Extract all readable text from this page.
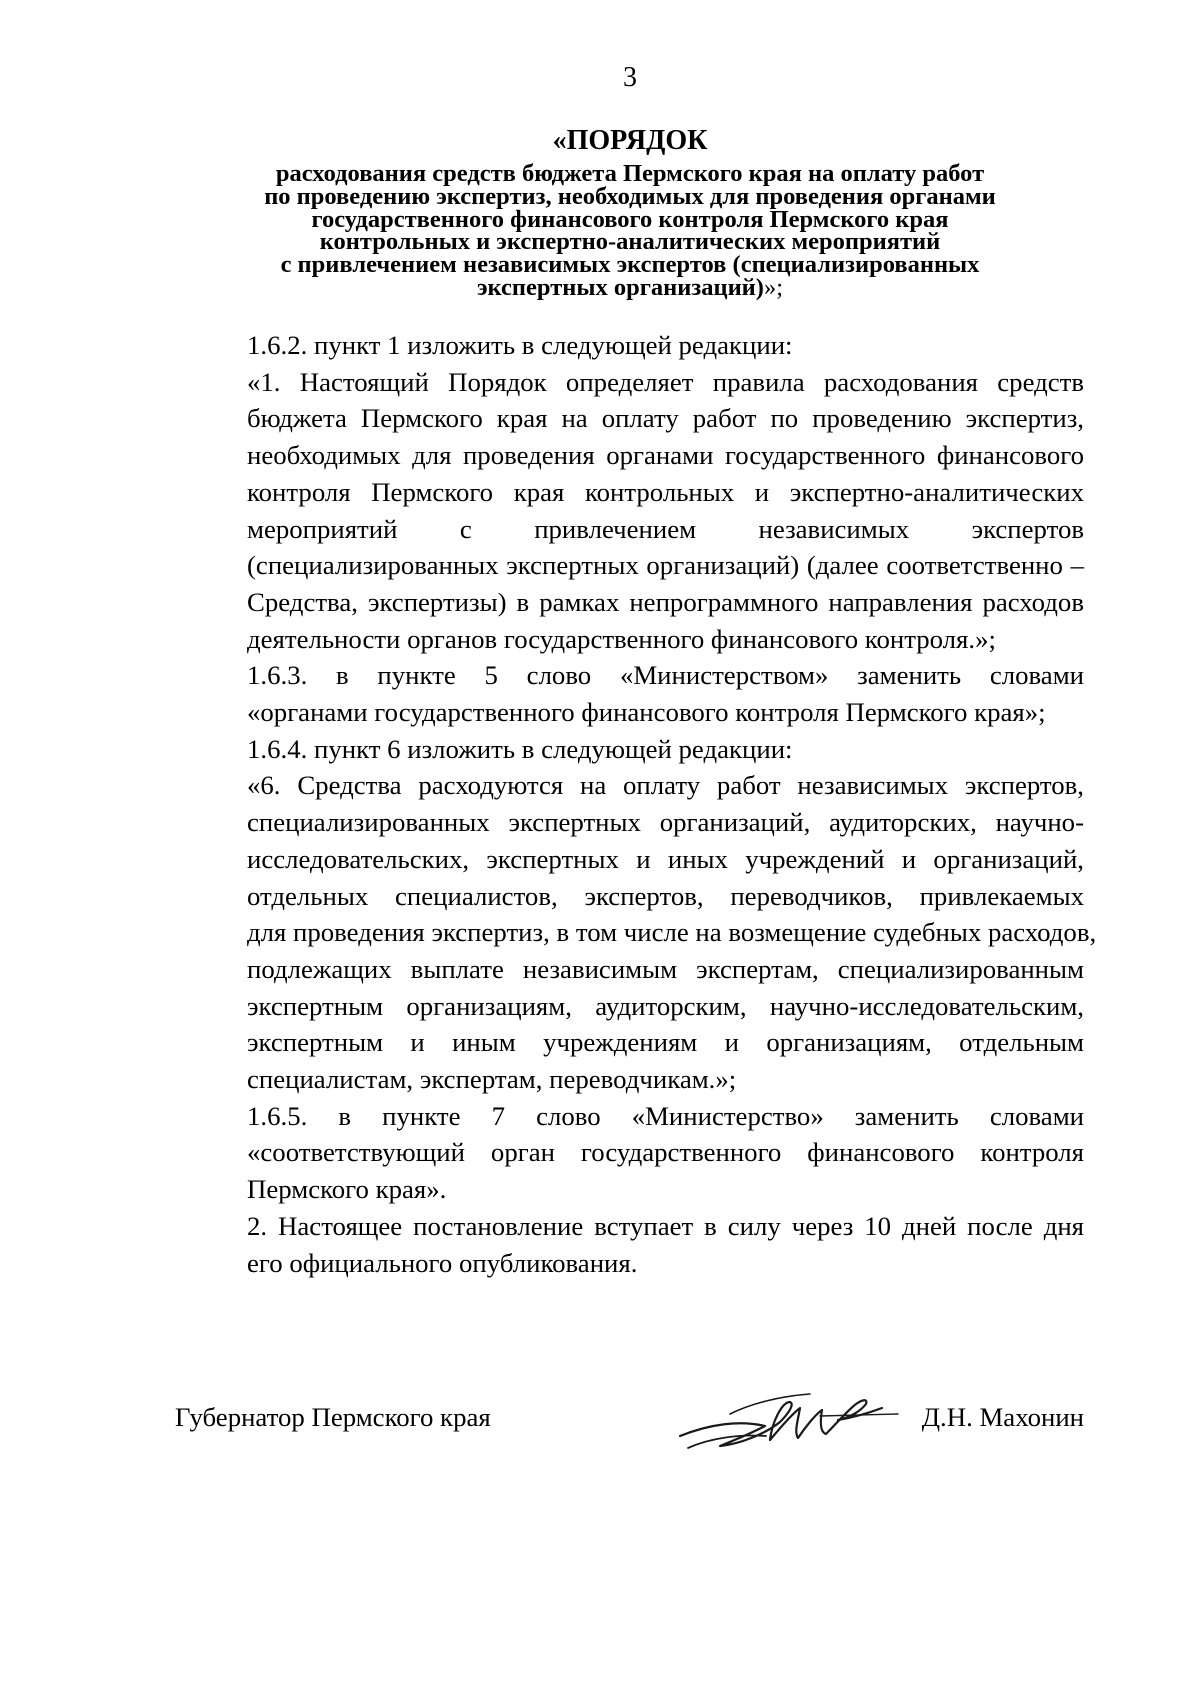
3
«ПОРЯДОК
расходования средств бюджета Пермского края на оплату работ
по проведению экспертиз, необходимых для проведения органами
государственного финансового контроля Пермского края
контрольных и экспертно-аналитических мероприятий
с привлечением независимых экспертов (специализированных
экспертных организаций)»;

1.6.2. пункт 1 изложить в следующей редакции:

«1. Настоящий Порядок определяет правила расходования средств
бюджета Пермского края на оплату работ по проведению экспертиз,
необходимых для проведения органами государственного финансового
контроля Пермского края контрольных и экспертно-аналитических
мероприятий с привлечением независимых экспертов
(специализированных экспертных организаций) (далее соответственно –
Средства, экспертизы) в рамках непрограммного направления расходов
деятельности органов государственного финансового контроля.»;

1.6.3. в пункте 5 слово «Министерством» заменить словами
«органами государственного финансового контроля Пермского края»;

1.6.4. пункт 6 изложить в следующей редакции:

«6. Средства расходуются на оплату работ независимых экспертов,
специализированных экспертных организаций, аудиторских, научно-
исследовательских, экспертных и иных учреждений и организаций,
отдельных специалистов, экспертов, переводчиков, привлекаемых
для проведения экспертиз, в том числе на возмещение судебных расходов,
подлежащих выплате независимым экспертам, специализированным
экспертным организациям, аудиторским, научно-исследовательским,
экспертным и иным учреждениям и организациям, отдельным
специалистам, экспертам, переводчикам.»;

1.6.5. в пункте 7 слово «Министерство» заменить словами
«соответствующий орган государственного финансового контроля
Пермского края».

2. Настоящее постановление вступает в силу через 10 дней после дня
его официального опубликования.

Губернатор Пермского края	Д.Н. Махонин
